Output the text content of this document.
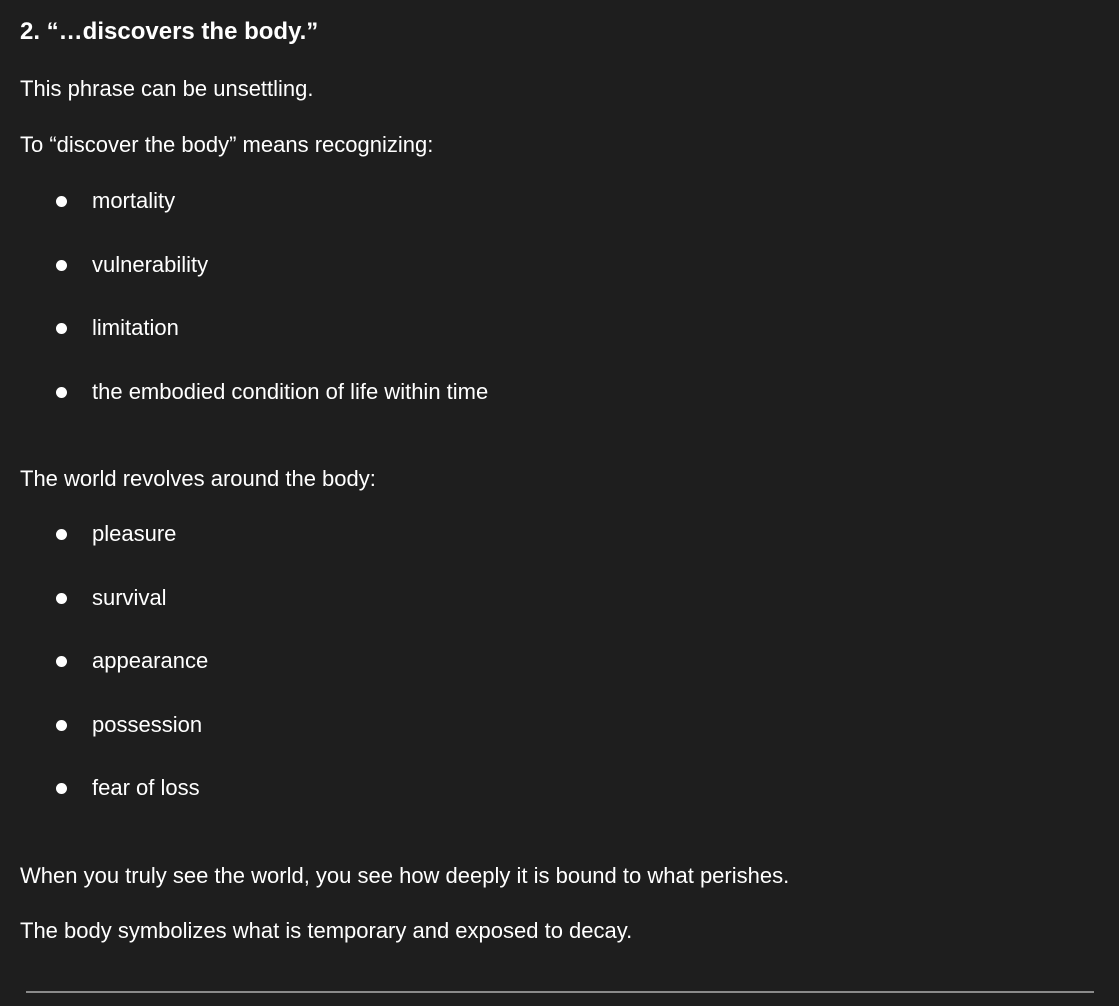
2. “…discovers the body.”

This phrase can be unsettling.

To “discover the body” means recognizing:

mortality
vulnerability
limitation
the embodied condition of life within time

The world revolves around the body:

pleasure
survival
appearance
possession
fear of loss

When you truly see the world, you see how deeply it is bound to what perishes.

The body symbolizes what is temporary and exposed to decay.
